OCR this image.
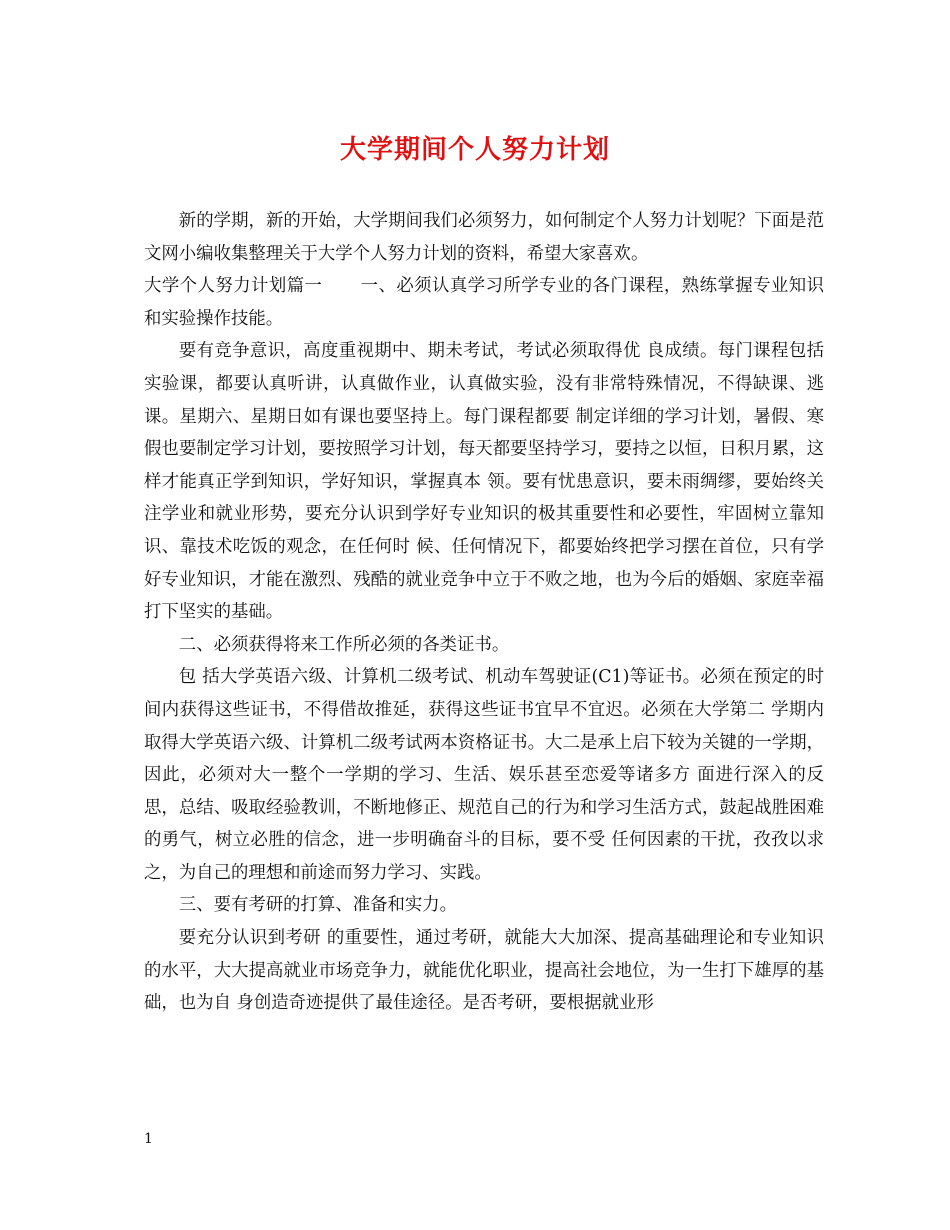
大学期间个人努力计划

新的学期，新的开始，大学期间我们必须努力，如何制定个人努力计划呢？下面是范文网小编收集整理关于大学个人努力计划的资料，希望大家喜欢。

大学个人努力计划篇一 一、必须认真学习所学专业的各门课程，熟练掌握专业知识和实验操作技能。

要有竞争意识，高度重视期中、期未考试，考试必须取得优 良成绩。每门课程包括实验课，都要认真听讲，认真做作业，认真做实验，没有非常特殊情况，不得缺课、逃课。星期六、星期日如有课也要坚持上。每门课程都要 制定详细的学习计划，暑假、寒假也要制定学习计划，要按照学习计划，每天都要坚持学习，要持之以恒，日积月累，这样才能真正学到知识，学好知识，掌握真本 领。要有忧患意识，要未雨绸缪，要始终关注学业和就业形势，要充分认识到学好专业知识的极其重要性和必要性，牢固树立靠知识、靠技术吃饭的观念，在任何时 候、任何情况下，都要始终把学习摆在首位，只有学好专业知识，才能在激烈、残酷的就业竞争中立于不败之地，也为今后的婚姻、家庭幸福打下坚实的基础。

二、必须获得将来工作所必须的各类证书。

包 括大学英语六级、计算机二级考试、机动车驾驶证(C1)等证书。必须在预定的时间内获得这些证书，不得借故推延，获得这些证书宜早不宜迟。必须在大学第二 学期内取得大学英语六级、计算机二级考试两本资格证书。大二是承上启下较为关键的一学期，因此，必须对大一整个一学期的学习、生活、娱乐甚至恋爱等诸多方 面进行深入的反思，总结、吸取经验教训，不断地修正、规范自己的行为和学习生活方式，鼓起战胜困难的勇气，树立必胜的信念，进一步明确奋斗的目标，要不受 任何因素的干扰，孜孜以求之，为自己的理想和前途而努力学习、实践。

三、要有考研的打算、准备和实力。

要充分认识到考研 的重要性，通过考研，就能大大加深、提高基础理论和专业知识的水平，大大提高就业市场竞争力，就能优化职业，提高社会地位，为一生打下雄厚的基础，也为自 身创造奇迹提供了最佳途径。是否考研，要根据就业形

1
